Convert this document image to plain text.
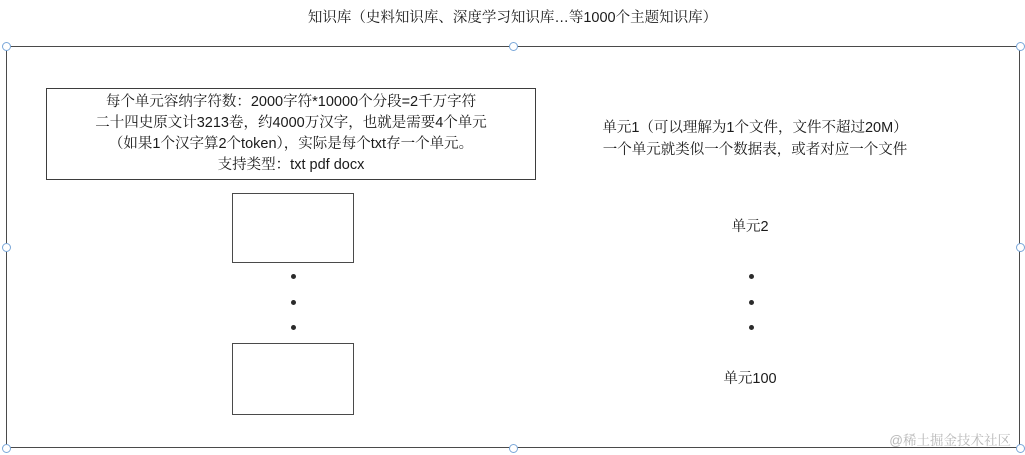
知识库（史料知识库、深度学习知识库…等1000个主题知识库）
每个单元容纳字符数：2000字符*10000个分段=2千万字符
二十四史原文计3213卷，约4000万汉字，也就是需要4个单元
（如果1个汉字算2个token），实际是每个txt存一个单元。
支持类型：txt pdf docx
单元1（可以理解为1个文件，文件不超过20M）
一个单元就类似一个数据表，或者对应一个文件
单元2
单元100
@稀土掘金技术社区
